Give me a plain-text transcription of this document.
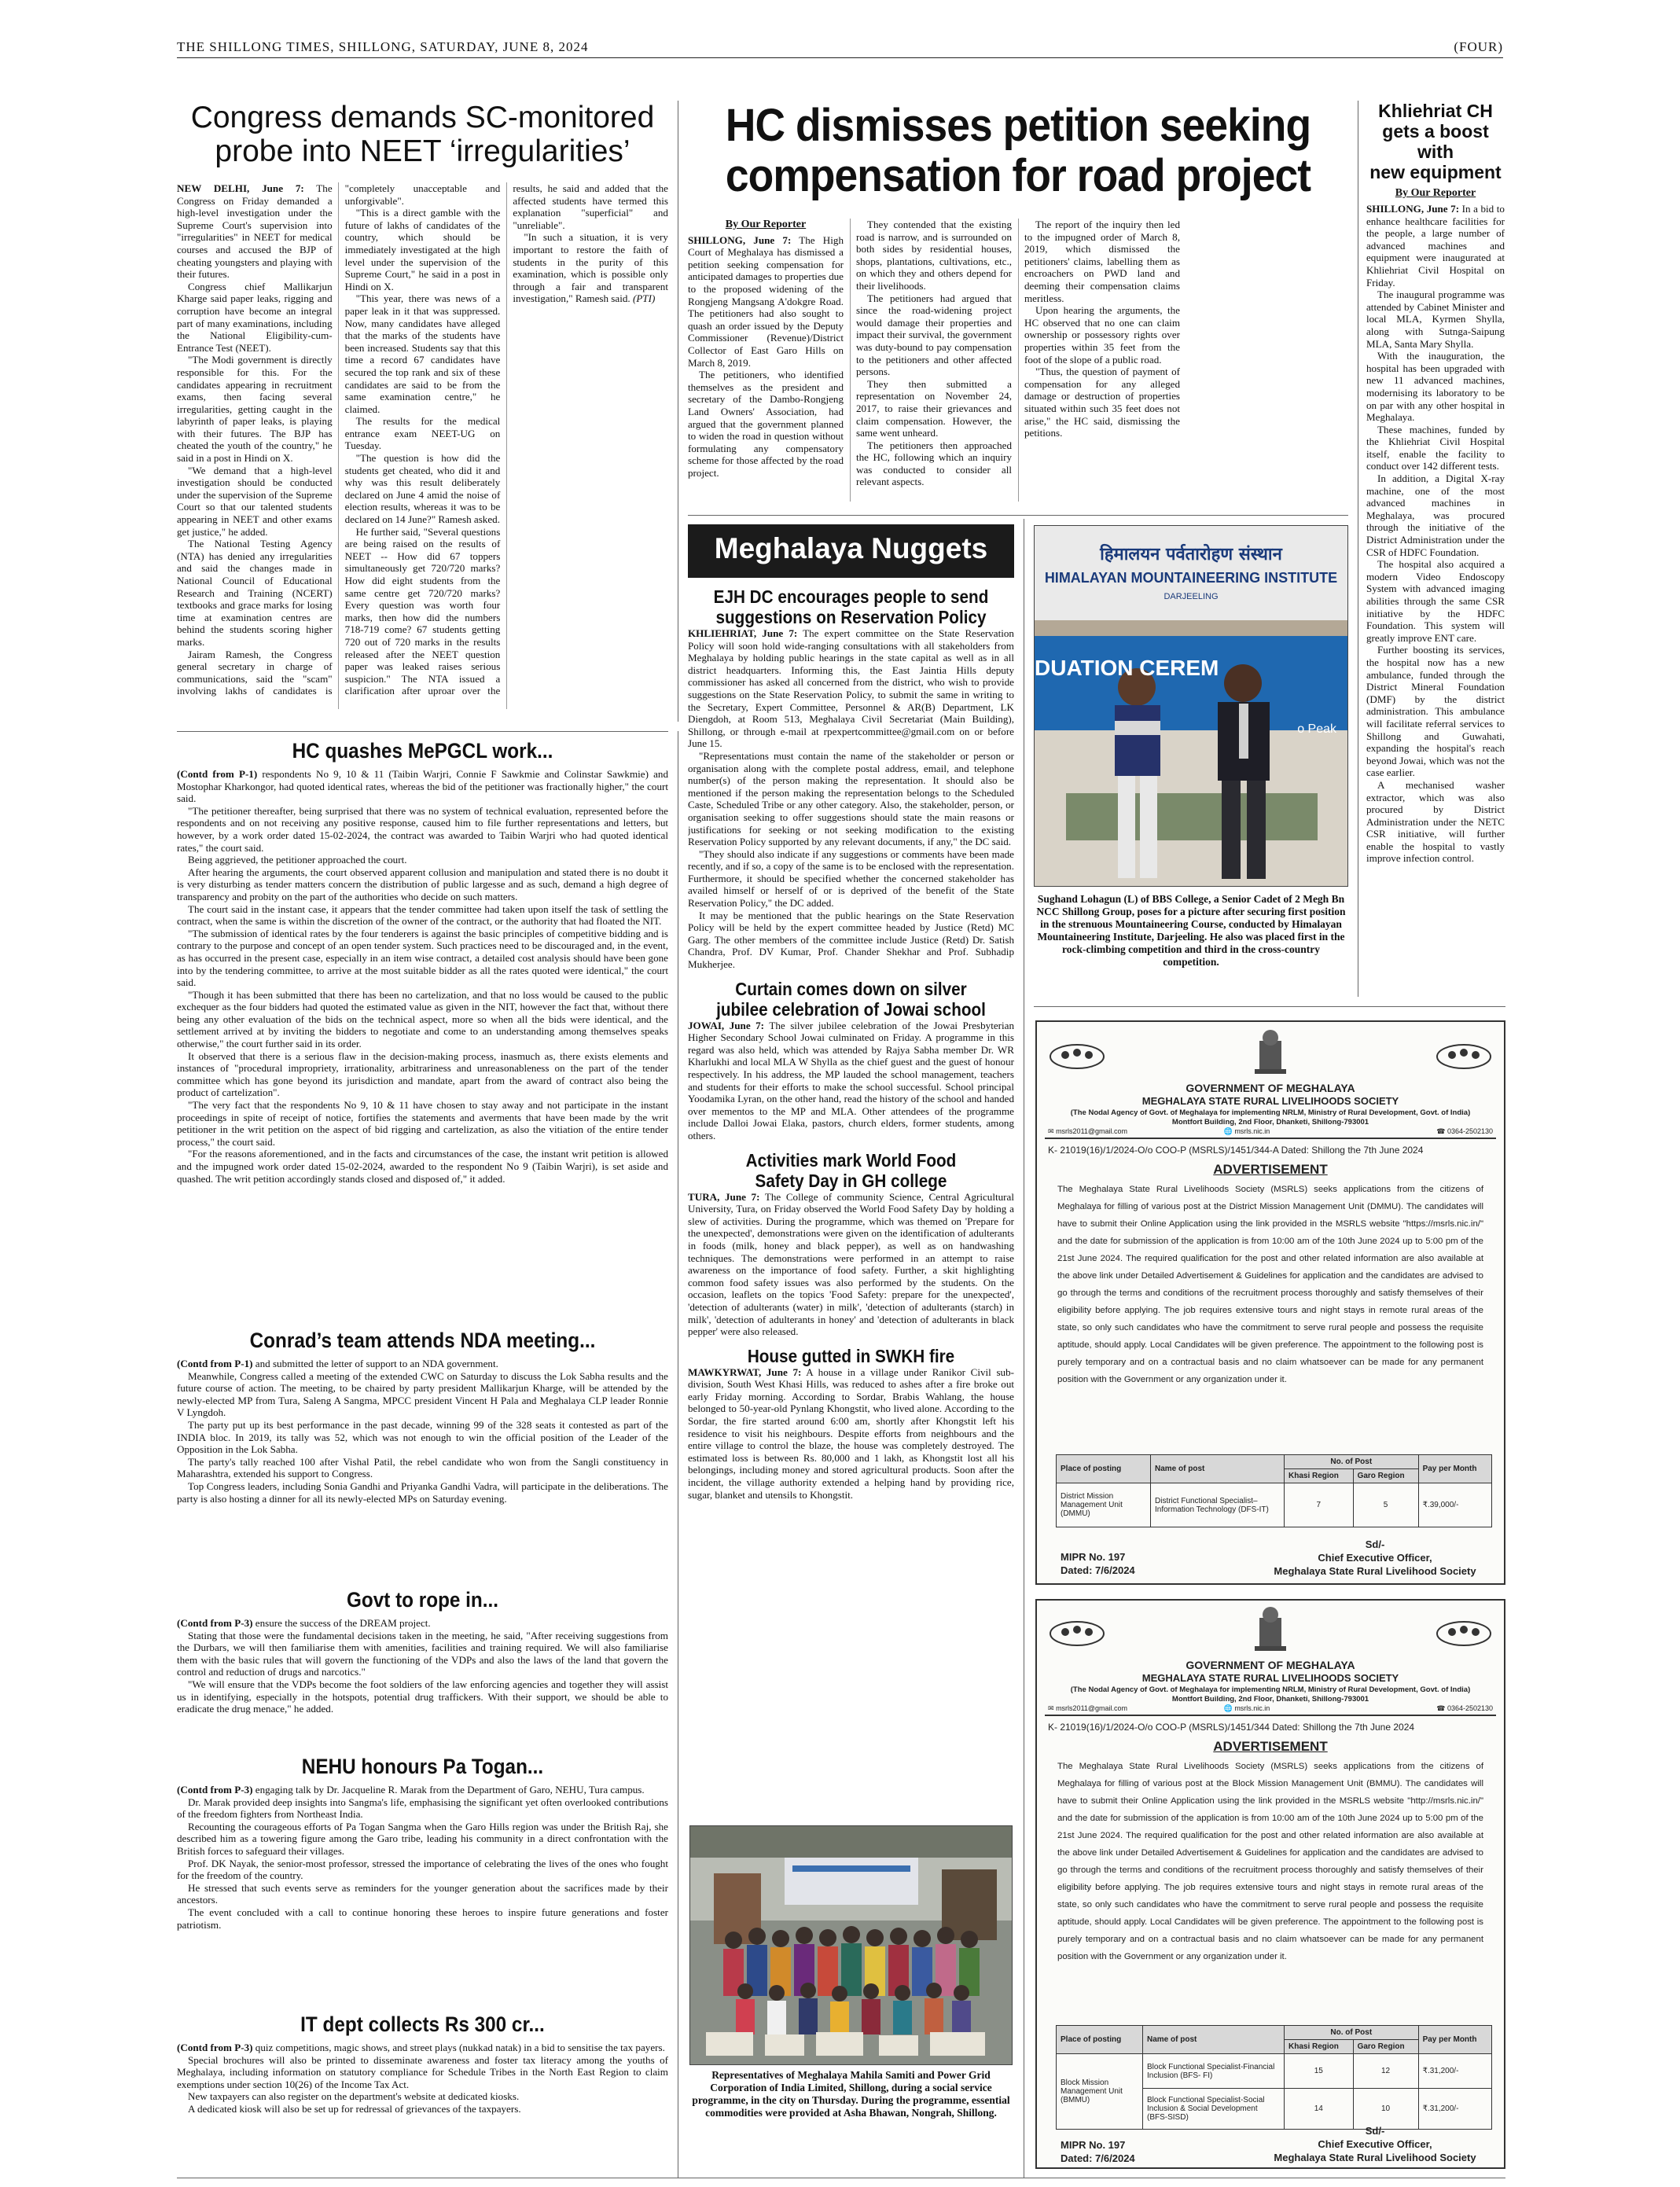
THE SHILLONG TIMES, SHILLONG, SATURDAY, JUNE 8, 2024	(FOUR)
Congress demands SC-monitored
probe into NEET ‘irregularities’

NEW DELHI, June 7: The Congress on Friday demanded a high-level investigation under the Supreme Court's supervision into "irregularities" in NEET for medical courses and accused the BJP of cheating youngsters and playing with their futures.

Congress chief Mallikarjun Kharge said paper leaks, rigging and corruption have become an integral part of many examinations, including the National Eligibility-cum-Entrance Test (NEET).

"The Modi government is directly responsible for this. For the candidates appearing in recruitment exams, then facing several irregularities, getting caught in the labyrinth of paper leaks, is playing with their futures. The BJP has cheated the youth of the country," he said in a post in Hindi on X.

"We demand that a high-level investigation should be conducted under the supervision of the Supreme Court so that our talented students appearing in NEET and other exams get justice," he added.

The National Testing Agency (NTA) has denied any irregularities and said the changes made in National Council of Educational Research and Training (NCERT) textbooks and grace marks for losing time at examination centres are behind the students scoring higher marks.

Jairam Ramesh, the Congress general secretary in charge of communications, said the "scam" involving lakhs of candidates is "completely unacceptable and unforgivable".

"This is a direct gamble with the future of lakhs of candidates of the country, which should be immediately investigated at the high level under the supervision of the Supreme Court," he said in a post in Hindi on X.

"This year, there was news of a paper leak in it that was suppressed. Now, many candidates have alleged that the marks of the students have been increased. Students say that this time a record 67 candidates have secured the top rank and six of these candidates are said to be from the same examination centre," he claimed.

The results for the medical entrance exam NEET-UG on Tuesday.

"The question is how did the students get cheated, who did it and why was this result deliberately declared on June 4 amid the noise of election results, whereas it was to be declared on 14 June?" Ramesh asked.

He further said, "Several questions are being raised on the results of NEET -- How did 67 toppers simultaneously get 720/720 marks? How did eight students from the same centre get 720/720 marks? Every question was worth four marks, then how did the numbers 718-719 come? 67 students getting 720 out of 720 marks in the results released after the NEET question paper was leaked raises serious suspicion." The NTA issued a clarification after uproar over the results, he said and added that the affected students have termed this explanation "superficial" and "unreliable".

"In such a situation, it is very important to restore the faith of students in the purity of this examination, which is possible only through a fair and transparent investigation," Ramesh said. (PTI)

HC dismisses petition seeking
compensation for road project
By Our Reporter

SHILLONG, June 7: The High Court of Meghalaya has dismissed a petition seeking compensation for anticipated damages to properties due to the proposed widening of the Rongjeng Mangsang A'dokgre Road. The petitioners had also sought to quash an order issued by the Deputy Commissioner (Revenue)/District Collector of East Garo Hills on March 8, 2019.

The petitioners, who identified themselves as the president and secretary of the Dambo-Rongjeng Land Owners' Association, had argued that the government planned to widen the road in question without formulating any compensatory scheme for those affected by the road project.

They contended that the existing road is narrow, and is surrounded on both sides by residential houses, shops, plantations, cultivations, etc., on which they and others depend for their livelihoods.

The petitioners had argued that since the road-widening project would damage their properties and impact their survival, the government was duty-bound to pay compensation to the petitioners and other affected persons.

They then submitted a representation on November 24, 2017, to raise their grievances and claim compensation. However, the same went unheard.

The petitioners then approached the HC, following which an inquiry was conducted to consider all relevant aspects.

The report of the inquiry then led to the impugned order of March 8, 2019, which dismissed the petitioners' claims, labelling them as encroachers on PWD land and deeming their compensation claims meritless.

Upon hearing the arguments, the HC observed that no one can claim ownership or possessory rights over properties within 35 feet from the foot of the slope of a public road.

"Thus, the question of payment of compensation for any alleged damage or destruction of properties situated within such 35 feet does not arise," the HC said, dismissing the petitions.

Khliehriat CH
gets a boost with
new equipment
By Our Reporter

SHILLONG, June 7: In a bid to enhance healthcare facilities for the people, a large number of advanced machines and equipment were inaugurated at Khliehriat Civil Hospital on Friday.

The inaugural programme was attended by Cabinet Minister and local MLA, Kyrmen Shylla, along with Sutnga-Saipung MLA, Santa Mary Shylla.

With the inauguration, the hospital has been upgraded with new 11 advanced machines, modernising its laboratory to be on par with any other hospital in Meghalaya.

These machines, funded by the Khliehriat Civil Hospital itself, enable the facility to conduct over 142 different tests.

In addition, a Digital X-ray machine, one of the most advanced machines in Meghalaya, was procured through the initiative of the District Administration under the CSR of HDFC Foundation.

The hospital also acquired a modern Video Endoscopy System with advanced imaging abilities through the same CSR initiative by the HDFC Foundation. This system will greatly improve ENT care.

Further boosting its services, the hospital now has a new ambulance, funded through the District Mineral Foundation (DMF) by the district administration. This ambulance will facilitate referral services to Shillong and Guwahati, expanding the hospital's reach beyond Jowai, which was not the case earlier.

A mechanised washer extractor, which was also procured by District Administration under the NETC CSR initiative, will further enable the hospital to vastly improve infection control.

HC quashes MePGCL work...

(Contd from P-1) respondents No 9, 10 & 11 (Taibin Warjri, Connie F Sawkmie and Colinstar Sawkmie) and Mostophar Kharkongor, had quoted identical rates, whereas the bid of the petitioner was fractionally higher," the court said.

"The petitioner thereafter, being surprised that there was no system of technical evaluation, represented before the respondents and on not receiving any positive response, caused him to file further representations and letters, but however, by a work order dated 15-02-2024, the contract was awarded to Taibin Warjri who had quoted identical rates," the court said.

Being aggrieved, the petitioner approached the court.

After hearing the arguments, the court observed apparent collusion and manipulation and stated there is no doubt it is very disturbing as tender matters concern the distribution of public largesse and as such, demand a high degree of transparency and probity on the part of the authorities who decide on such matters.

The court said in the instant case, it appears that the tender committee had taken upon itself the task of settling the contract, when the same is within the discretion of the owner of the contract, or the authority that had floated the NIT.

"The submission of identical rates by the four tenderers is against the basic principles of competitive bidding and is contrary to the purpose and concept of an open tender system. Such practices need to be discouraged and, in the event, as has occurred in the present case, especially in an item wise contract, a detailed cost analysis should have been gone into by the tendering committee, to arrive at the most suitable bidder as all the rates quoted were identical," the court said.

"Though it has been submitted that there has been no cartelization, and that no loss would be caused to the public exchequer as the four bidders had quoted the estimated value as given in the NIT, however the fact that, without there being any other evaluation of the bids on the technical aspect, more so when all the bids were identical, and the settlement arrived at by inviting the bidders to negotiate and come to an understanding among themselves speaks otherwise," the court further said in its order.

It observed that there is a serious flaw in the decision-making process, inasmuch as, there exists elements and instances of "procedural impropriety, irrationality, arbitrariness and unreasonableness on the part of the tender committee which has gone beyond its jurisdiction and mandate, apart from the award of contract also being the product of cartelization".

"The very fact that the respondents No 9, 10 & 11 have chosen to stay away and not participate in the instant proceedings in spite of receipt of notice, fortifies the statements and averments that have been made by the writ petitioner in the writ petition on the aspect of bid rigging and cartelization, as also the vitiation of the entire tender process," the court said.

"For the reasons aforementioned, and in the facts and circumstances of the case, the instant writ petition is allowed and the impugned work order dated 15-02-2024, awarded to the respondent No 9 (Taibin Warjri), is set aside and quashed. The writ petition accordingly stands closed and disposed of," it added.

Conrad’s team attends NDA meeting...

(Contd from P-1) and submitted the letter of support to an NDA government.

Meanwhile, Congress called a meeting of the extended CWC on Saturday to discuss the Lok Sabha results and the future course of action. The meeting, to be chaired by party president Mallikarjun Kharge, will be attended by the newly-elected MP from Tura, Saleng A Sangma, MPCC president Vincent H Pala and Meghalaya CLP leader Ronnie V Lyngdoh.

The party put up its best performance in the past decade, winning 99 of the 328 seats it contested as part of the INDIA bloc. In 2019, its tally was 52, which was not enough to win the official position of the Leader of the Opposition in the Lok Sabha.

The party's tally reached 100 after Vishal Patil, the rebel candidate who won from the Sangli constituency in Maharashtra, extended his support to Congress.

Top Congress leaders, including Sonia Gandhi and Priyanka Gandhi Vadra, will participate in the deliberations. The party is also hosting a dinner for all its newly-elected MPs on Saturday evening.

Govt to rope in...

(Contd from P-3) ensure the success of the DREAM project.

Stating that those were the fundamental decisions taken in the meeting, he said, "After receiving suggestions from the Durbars, we will then familiarise them with amenities, facilities and training required. We will also familiarise them with the basic rules that will govern the functioning of the VDPs and also the laws of the land that govern the control and reduction of drugs and narcotics."

"We will ensure that the VDPs become the foot soldiers of the law enforcing agencies and together they will assist us in identifying, especially in the hotspots, potential drug traffickers. With their support, we should be able to eradicate the drug menace," he added.

NEHU honours Pa Togan...

(Contd from P-3) engaging talk by Dr. Jacqueline R. Marak from the Department of Garo, NEHU, Tura campus.

Dr. Marak provided deep insights into Sangma's life, emphasising the significant yet often overlooked contributions of the freedom fighters from Northeast India.

Recounting the courageous efforts of Pa Togan Sangma when the Garo Hills region was under the British Raj, she described him as a towering figure among the Garo tribe, leading his community in a direct confrontation with the British forces to safeguard their villages.

Prof. DK Nayak, the senior-most professor, stressed the importance of celebrating the lives of the ones who fought for the freedom of the country.

He stressed that such events serve as reminders for the younger generation about the sacrifices made by their ancestors.

The event concluded with a call to continue honoring these heroes to inspire future generations and foster patriotism.

IT dept collects Rs 300 cr...

(Contd from P-3) quiz competitions, magic shows, and street plays (nukkad natak) in a bid to sensitise the tax payers.

Special brochures will also be printed to disseminate awareness and foster tax literacy among the youths of Meghalaya, including information on statutory compliance for Schedule Tribes in the North East Region to claim exemptions under section 10(26) of the Income Tax Act.

New taxpayers can also register on the department's website at dedicated kiosks.

A dedicated kiosk will also be set up for redressal of grievances of the taxpayers.

Meghalaya Nuggets
EJH DC encourages people to send
suggestions on Reservation Policy

KHLIEHRIAT, June 7: The expert committee on the State Reservation Policy will soon hold wide-ranging consultations with all stakeholders from Meghalaya by holding public hearings in the state capital as well as in all district headquarters. Informing this, the East Jaintia Hills deputy commissioner has asked all concerned from the district, who wish to provide suggestions on the State Reservation Policy, to submit the same in writing to the Secretary, Expert Committee, Personnel & AR(B) Department, LK Diengdoh, at Room 513, Meghalaya Civil Secretariat (Main Building), Shillong, or through e-mail at rpexpertcommittee@gmail.com on or before June 15.

"Representations must contain the name of the stakeholder or person or organisation along with the complete postal address, email, and telephone number(s) of the person making the representation. It should also be mentioned if the person making the representation belongs to the Scheduled Caste, Scheduled Tribe or any other category. Also, the stakeholder, person, or organisation seeking to offer suggestions should state the main reasons or justifications for seeking or not seeking modification to the existing Reservation Policy supported by any relevant documents, if any," the DC said.

"They should also indicate if any suggestions or comments have been made recently, and if so, a copy of the same is to be enclosed with the representation. Furthermore, it should be specified whether the concerned stakeholder has availed himself or herself of or is deprived of the benefit of the State Reservation Policy," the DC added.

It may be mentioned that the public hearings on the State Reservation Policy will be held by the expert committee headed by Justice (Retd) MC Garg. The other members of the committee include Justice (Retd) Dr. Satish Chandra, Prof. DV Kumar, Prof. Chander Shekhar and Prof. Subhadip Mukherjee.

Curtain comes down on silver
jubilee celebration of Jowai school

JOWAI, June 7: The silver jubilee celebration of the Jowai Presbyterian Higher Secondary School Jowai culminated on Friday. A programme in this regard was also held, which was attended by Rajya Sabha member Dr. WR Kharlukhi and local MLA W Shylla as the chief guest and the guest of honour respectively. In his address, the MP lauded the school management, teachers and students for their efforts to make the school successful. School principal Yoodamika Lyran, on the other hand, read the history of the school and handed over mementos to the MP and MLA. Other attendees of the programme include Dalloi Jowai Elaka, pastors, church elders, former students, among others.

Activities mark World Food
Safety Day in GH college

TURA, June 7: The College of community Science, Central Agricultural University, Tura, on Friday observed the World Food Safety Day by holding a slew of activities. During the programme, which was themed on 'Prepare for the unexpected', demonstrations were given on the identification of adulterants in foods (milk, honey and black pepper), as well as on handwashing techniques. The demonstrations were performed in an attempt to raise awareness on the importance of food safety. Further, a skit highlighting common food safety issues was also performed by the students. On the occasion, leaflets on the topics 'Food Safety: prepare for the unexpected', 'detection of adulterants (water) in milk', 'detection of adulterants (starch) in milk', 'detection of adulterants in honey' and 'detection of adulterants in black pepper' were also released.

House gutted in SWKH fire

MAWKYRWAT, June 7: A house in a village under Ranikor Civil sub-division, South West Khasi Hills, was reduced to ashes after a fire broke out early Friday morning. According to Sordar, Brabis Wahlang, the house belonged to 50-year-old Pynlang Khongstit, who lived alone. According to the Sordar, the fire started around 6:00 am, shortly after Khongstit left his residence to visit his neighbours. Despite efforts from neighbours and the entire village to control the blaze, the house was completely destroyed. The estimated loss is between Rs. 80,000 and 1 lakh, as Khongstit lost all his belongings, including money and stored agricultural products. Soon after the incident, the village authority extended a helping hand by providing rice, sugar, blanket and utensils to Khongstit.

Representatives of Meghalaya Mahila Samiti and Power Grid Corporation of India Limited, Shillong, during a social service programme, in the city on Thursday. During the programme, essential commodities were provided at Asha Bhawan, Nongrah, Shillong.
हिमालयन पर्वतारोहण संस्थान
HIMALAYAN MOUNTAINEERING INSTITUTE
DARJEELING
DUATION CEREM
o Peak
Sughand Lohagun (L) of BBS College, a Senior Cadet of 2 Megh Bn NCC Shillong Group, poses for a picture after securing first position in the strenuous Mountaineering Course, conducted by Himalayan Mountaineering Institute, Darjeeling. He also was placed first in the rock-climbing competition and third in the cross-country competition.
GOVERNMENT OF MEGHALAYA
MEGHALAYA STATE RURAL LIVELIHOODS SOCIETY
(The Nodal Agency of Govt. of Meghalaya for implementing NRLM, Ministry of Rural Development, Govt. of India)
Montfort Building, 2nd Floor, Dhanketi, Shillong-793001
✉ msrls2011@gmail.com	🌐 msrls.nic.in	☎ 0364-2502130
K- 21019(16)/1/2024-O/o COO-P (MSRLS)/1451/344-A Dated: Shillong the 7th June 2024
ADVERTISEMENT
The Meghalaya State Rural Livelihoods Society (MSRLS) seeks applications from the citizens of Meghalaya for filling of various post at the District Mission Management Unit (DMMU). The candidates will have to submit their Online Application using the link provided in the MSRLS website "https://msrls.nic.in/" and the date for submission of the application is from 10:00 am of the 10th June 2024 up to 5:00 pm of the 21st June 2024. The required qualification for the post and other related information are also available at the above link under Detailed Advertisement & Guidelines for application and the candidates are advised to go through the terms and conditions of the recruitment process thoroughly and satisfy themselves of their eligibility before applying. The job requires extensive tours and night stays in remote rural areas of the state, so only such candidates who have the commitment to serve rural people and possess the requisite aptitude, should apply. Local Candidates will be given preference. The appointment to the following post is purely temporary and on a contractual basis and no claim whatsoever can be made for any permanent position with the Government or any organization under it.
Place of posting	Name of post	No. of Post		Pay per Month
		Khasi Region	Garo Region	
District Mission Management Unit (DMMU)	District Functional Specialist– Information Technology (DFS-IT)	7	5	₹.39,000/-
MIPR No. 197
Dated: 7/6/2024
Sd/-
Chief Executive Officer,
Meghalaya State Rural Livelihood Society
GOVERNMENT OF MEGHALAYA
MEGHALAYA STATE RURAL LIVELIHOODS SOCIETY
(The Nodal Agency of Govt. of Meghalaya for implementing NRLM, Ministry of Rural Development, Govt. of India)
Montfort Building, 2nd Floor, Dhanketi, Shillong-793001
✉ msrls2011@gmail.com	🌐 msrls.nic.in	☎ 0364-2502130
K- 21019(16)/1/2024-O/o COO-P (MSRLS)/1451/344 Dated: Shillong the 7th June 2024
ADVERTISEMENT
The Meghalaya State Rural Livelihoods Society (MSRLS) seeks applications from the citizens of Meghalaya for filling of various post at the Block Mission Management Unit (BMMU). The candidates will have to submit their Online Application using the link provided in the MSRLS website "http://msrls.nic.in/" and the date for submission of the application is from 10:00 am of the 10th June 2024 up to 5:00 pm of the 21st June 2024. The required qualification for the post and other related information are also available at the above link under Detailed Advertisement & Guidelines for application and the candidates are advised to go through the terms and conditions of the recruitment process thoroughly and satisfy themselves of their eligibility before applying. The job requires extensive tours and night stays in remote rural areas of the state, so only such candidates who have the commitment to serve rural people and possess the requisite aptitude, should apply. Local Candidates will be given preference. The appointment to the following post is purely temporary and on a contractual basis and no claim whatsoever can be made for any permanent position with the Government or any organization under it.
Place of posting	Name of post	No. of Post		Pay per Month
		Khasi Region	Garo Region	
Block Mission Management Unit (BMMU)	Block Functional Specialist-Financial Inclusion (BFS- FI)	15	12	₹.31,200/-
	Block Functional Specialist-Social Inclusion & Social Development (BFS-SISD)	14	10	₹.31,200/-
MIPR No. 197
Dated: 7/6/2024
Sd/-
Chief Executive Officer,
Meghalaya State Rural Livelihood Society
